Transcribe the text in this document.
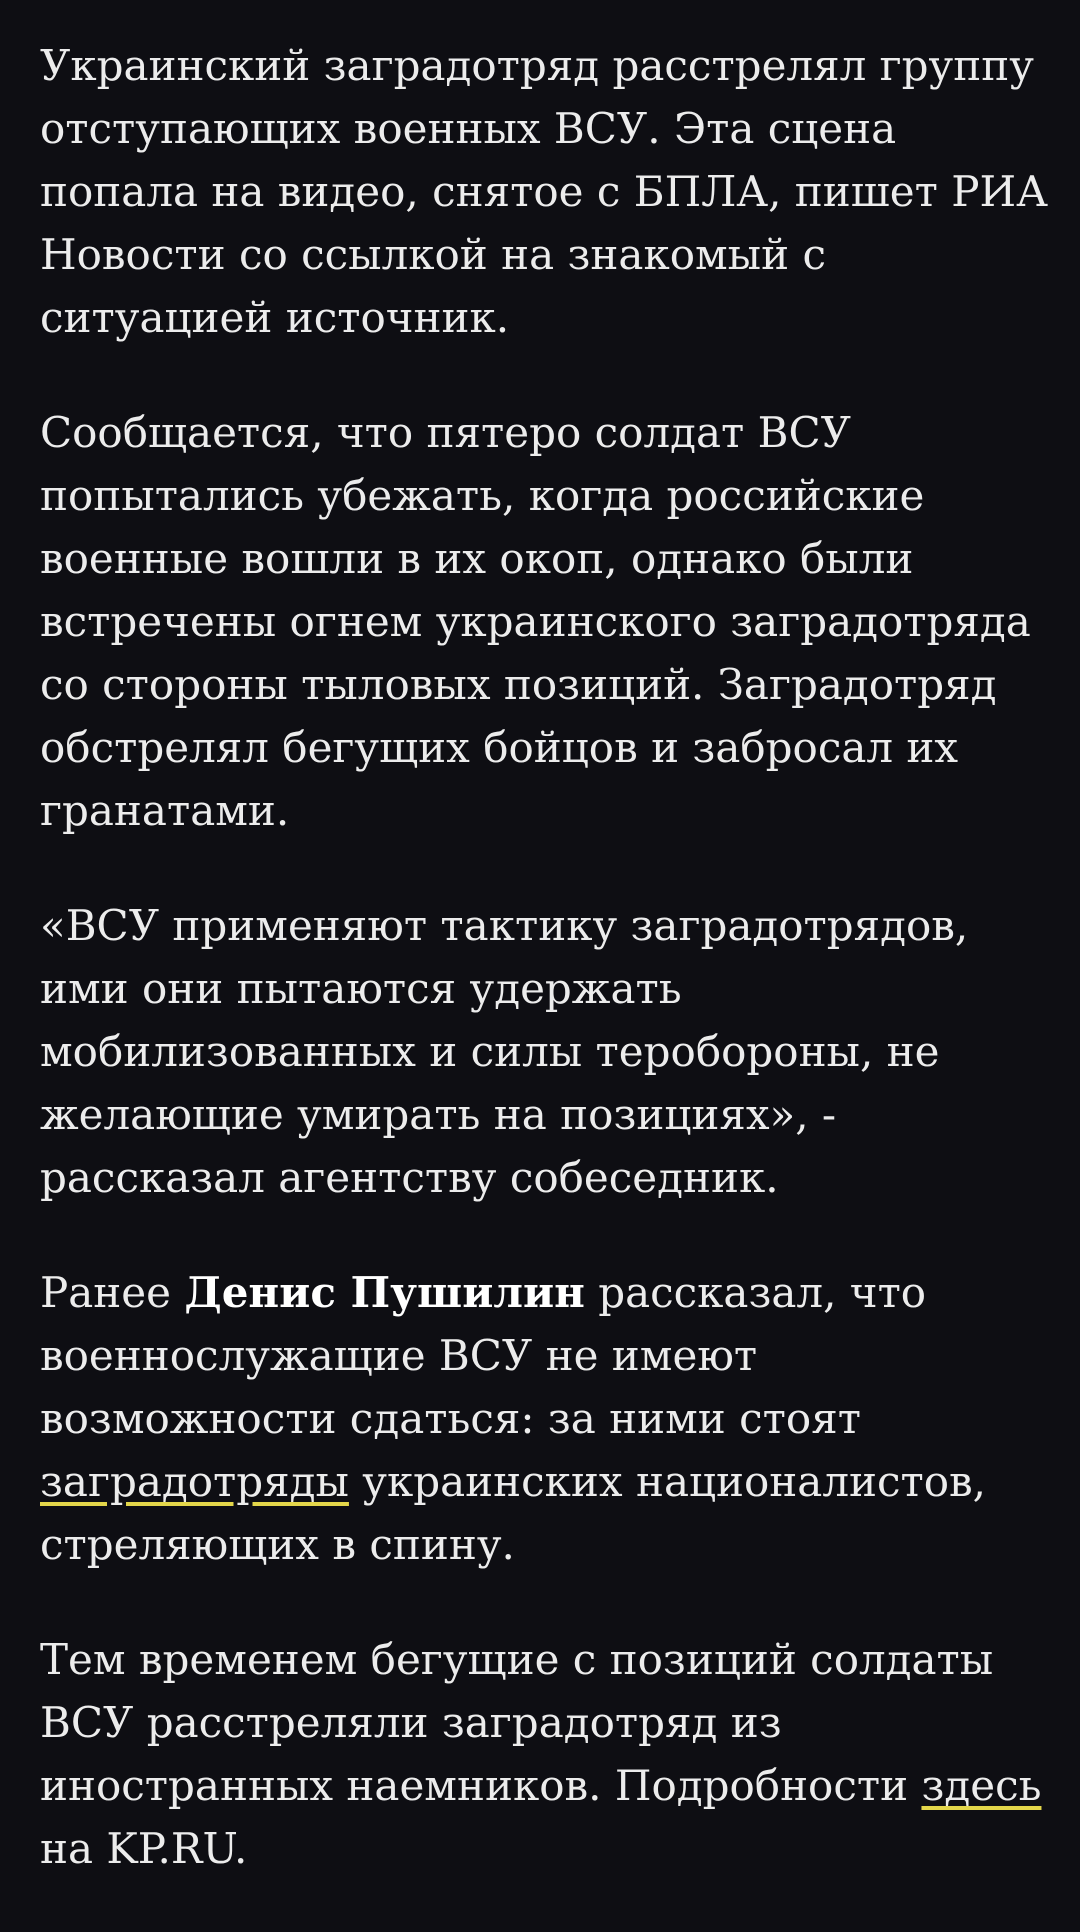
Украинский заградотряд расстрелял группу отступающих военных ВСУ. Эта сцена попала на видео, снятое с БПЛА, пишет РИА Новости со ссылкой на знакомый с ситуацией источник.

Сообщается, что пятеро солдат ВСУ попытались убежать, когда российские военные вошли в их окоп, однако были встречены огнем украинского заградотряда со стороны тыловых позиций. Заградотряд обстрелял бегущих бойцов и забросал их гранатами.

«ВСУ применяют тактику заградотрядов, ими они пытаются удержать мобилизованных и силы теробороны, не желающие умирать на позициях», - рассказал агентству собеседник.

Ранее Денис Пушилин рассказал, что военнослужащие ВСУ не имеют возможности сдаться: за ними стоят заградотряды украинских националистов, стреляющих в спину.

Тем временем бегущие с позиций солдаты ВСУ расстреляли заградотряд из иностранных наемников. Подробности здесь на KP.RU.
